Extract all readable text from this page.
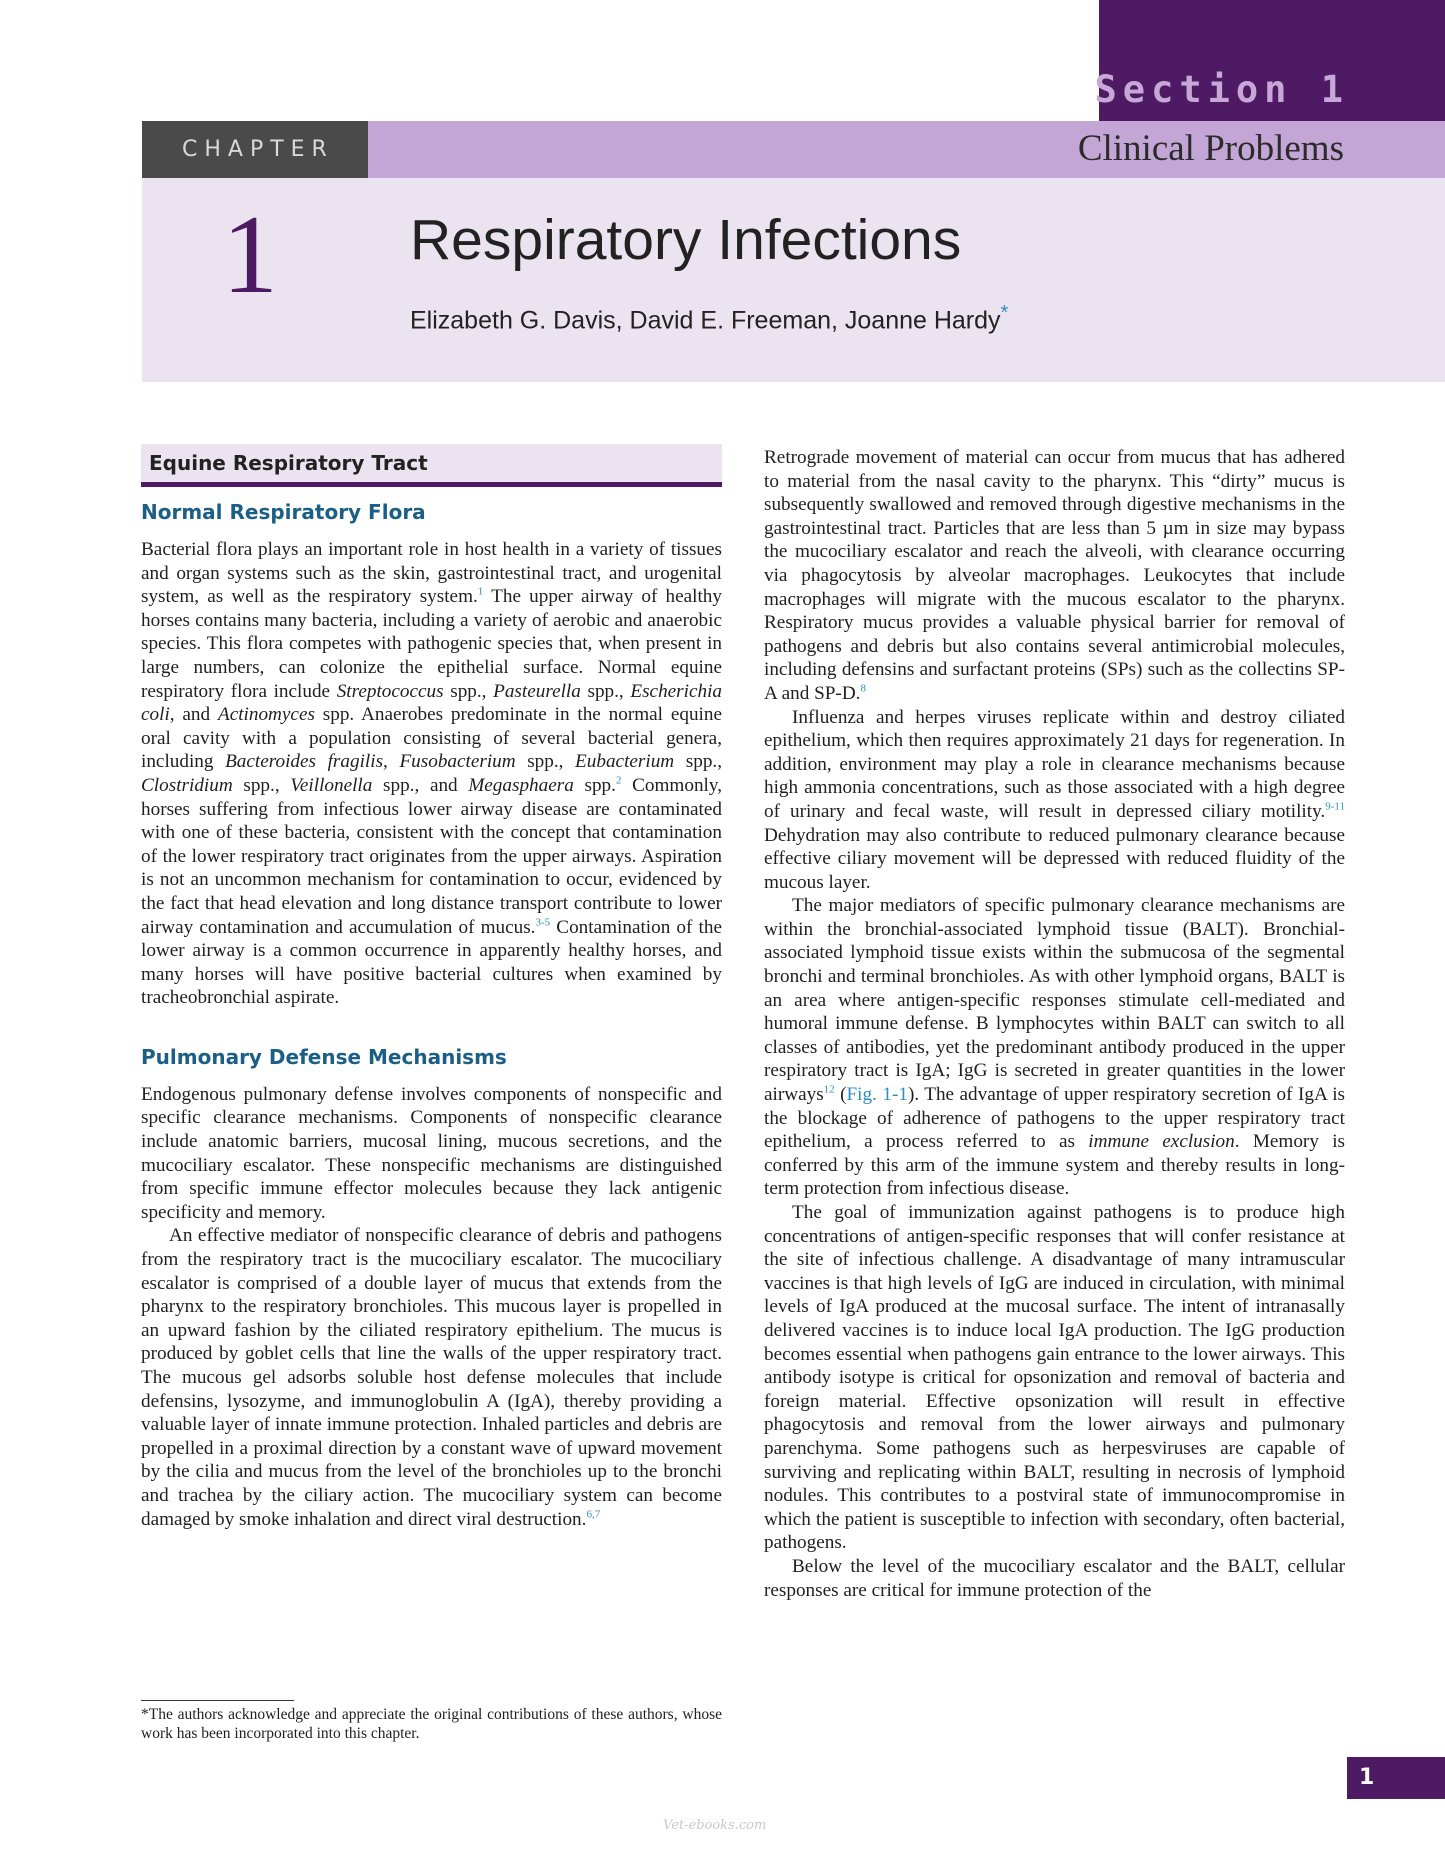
Section 1
CHAPTER	Clinical Problems
1 Respiratory Infections
Elizabeth G. Davis, David E. Freeman, Joanne Hardy*
Equine Respiratory Tract
Normal Respiratory Flora

Bacterial flora plays an important role in host health in a variety of tissues and organ systems such as the skin, gastrointestinal tract, and urogenital system, as well as the respiratory system.$^1$ The upper airway of healthy horses contains many bacteria, including a variety of aerobic and anaerobic species. This flora competes with pathogenic species that, when present in large numbers, can colonize the epithelial surface. Normal equine respiratory flora include Streptococcus spp., Pasteurella spp., Escherichia coli, and Actinomyces spp. Anaerobes predominate in the normal equine oral cavity with a population consisting of several bacterial genera, including Bacteroides fragilis, Fusobacterium spp., Eubacterium spp., Clostridium spp., Veillonella spp., and Megasphaera spp.$^2$ Commonly, horses suffering from infectious lower airway disease are contaminated with one of these bacteria, consistent with the concept that contamination of the lower respiratory tract originates from the upper airways. Aspiration is not an uncommon mechanism for contamination to occur, evidenced by the fact that head elevation and long distance transport contribute to lower airway contamination and accumulation of mucus.$^{3-5}$ Contamination of the lower airway is a common occurrence in apparently healthy horses, and many horses will have positive bacterial cultures when examined by tracheobronchial aspirate.

Pulmonary Defense Mechanisms

Endogenous pulmonary defense involves components of nonspecific and specific clearance mechanisms. Components of nonspecific clearance include anatomic barriers, mucosal lining, mucous secretions, and the mucociliary escalator. These nonspecific mechanisms are distinguished from specific immune effector molecules because they lack antigenic specificity and memory.

An effective mediator of nonspecific clearance of debris and pathogens from the respiratory tract is the mucociliary escalator. The mucociliary escalator is comprised of a double layer of mucus that extends from the pharynx to the respiratory bronchioles. This mucous layer is propelled in an upward fashion by the ciliated respiratory epithelium. The mucus is produced by goblet cells that line the walls of the upper respiratory tract. The mucous gel adsorbs soluble host defense molecules that include defensins, lysozyme, and immunoglobulin A (IgA), thereby providing a valuable layer of innate immune protection. Inhaled particles and debris are propelled in a proximal direction by a constant wave of upward movement by the cilia and mucus from the level of the bronchioles up to the bronchi and trachea by the ciliary action. The mucociliary system can become damaged by smoke inhalation and direct viral destruction.$^{6,7}$

*The authors acknowledge and appreciate the original contributions of these authors, whose work has been incorporated into this chapter.

Retrograde movement of material can occur from mucus that has adhered to material from the nasal cavity to the pharynx. This “dirty” mucus is subsequently swallowed and removed through digestive mechanisms in the gastrointestinal tract. Particles that are less than 5 µm in size may bypass the mucociliary escalator and reach the alveoli, with clearance occurring via phagocytosis by alveolar macrophages. Leukocytes that include macrophages will migrate with the mucous escalator to the pharynx. Respiratory mucus provides a valuable physical barrier for removal of pathogens and debris but also contains several antimicrobial molecules, including defensins and surfactant proteins (SPs) such as the collectins SP-A and SP-D.$^8$

Influenza and herpes viruses replicate within and destroy ciliated epithelium, which then requires approximately 21 days for regeneration. In addition, environment may play a role in clearance mechanisms because high ammonia concentrations, such as those associated with a high degree of urinary and fecal waste, will result in depressed ciliary motility.$^{9-11}$ Dehydration may also contribute to reduced pulmonary clearance because effective ciliary movement will be depressed with reduced fluidity of the mucous layer.

The major mediators of specific pulmonary clearance mechanisms are within the bronchial-associated lymphoid tissue (BALT). Bronchial-associated lymphoid tissue exists within the submucosa of the segmental bronchi and terminal bronchioles. As with other lymphoid organs, BALT is an area where antigen-specific responses stimulate cell-mediated and humoral immune defense. B lymphocytes within BALT can switch to all classes of antibodies, yet the predominant antibody produced in the upper respiratory tract is IgA; IgG is secreted in greater quantities in the lower airways$^{12}$ (Fig. 1-1). The advantage of upper respiratory secretion of IgA is the blockage of adherence of pathogens to the upper respiratory tract epithelium, a process referred to as immune exclusion. Memory is conferred by this arm of the immune system and thereby results in long-term protection from infectious disease.

The goal of immunization against pathogens is to produce high concentrations of antigen-specific responses that will confer resistance at the site of infectious challenge. A disadvantage of many intramuscular vaccines is that high levels of IgG are induced in circulation, with minimal levels of IgA produced at the mucosal surface. The intent of intranasally delivered vaccines is to induce local IgA production. The IgG production becomes essential when pathogens gain entrance to the lower airways. This antibody isotype is critical for opsonization and removal of bacteria and foreign material. Effective opsonization will result in effective phagocytosis and removal from the lower airways and pulmonary parenchyma. Some pathogens such as herpesviruses are capable of surviving and replicating within BALT, resulting in necrosis of lymphoid nodules. This contributes to a postviral state of immunocompromise in which the patient is susceptible to infection with secondary, often bacterial, pathogens.

Below the level of the mucociliary escalator and the BALT, cellular responses are critical for immune protection of the

1
Vet-ebooks.com
